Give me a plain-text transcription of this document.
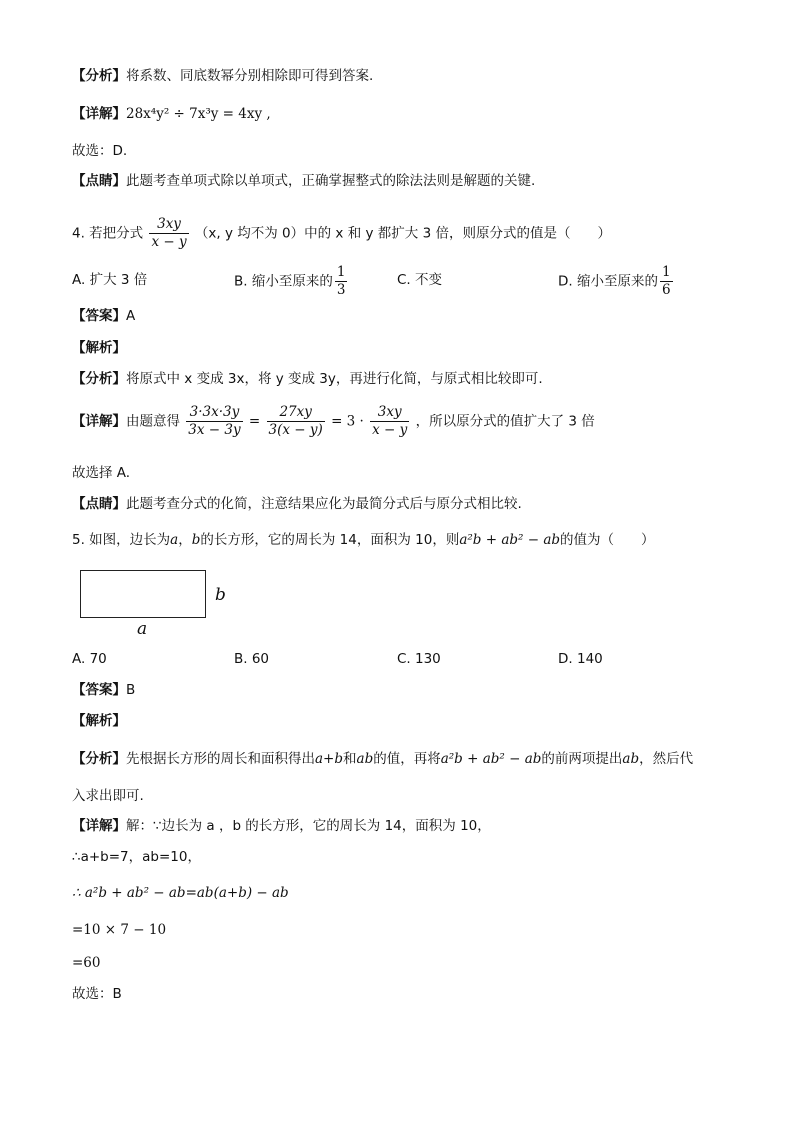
【分析】将系数、同底数幂分别相除即可得到答案.
【详解】28x⁴y² ÷ 7x³y = 4xy ,
故选：D.
【点睛】此题考查单项式除以单项式，正确掌握整式的除法法则是解题的关键.
4. 若把分式 $\frac{3xy}{x - y} (x$, y 均不为 0）中的 x 和 y 都扩大 3 倍，则原分式的值是（　　）
A. 扩大 3 倍	B. 缩小至原来的 $\frac{1}{3}$	C. 不变	D. 缩小至原来的 $\frac{1}{6}$
【答案】A
【解析】
【分析】将原式中 x 变成 3x，将 y 变成 3y，再进行化简，与原式相比较即可.
【详解】由题意得 $\frac{3\cdot 3x\cdot 3y}{3x - 3y} = \frac{27xy}{3(x - y)} = 3 \cdot \frac{3xy}{x - y}$ ，所以原分式的值扩大了 3 倍
故选择 A.
【点睛】此题考查分式的化简，注意结果应化为最简分式后与原分式相比较.
5. 如图，边长为a，b的长方形，它的周长为 14，面积为 10，则a²b + ab² − ab的值为（　　）
b
a
A. 70	B. 60	C. 130	D. 140
【答案】B
【解析】
【分析】先根据长方形的周长和面积得出a+b和ab的值，再将a²b + ab² − ab的前两项提出ab，然后代
入求出即可.
【详解】解：∵边长为 a ，b 的长方形，它的周长为 14，面积为 10，
∴a+b=7，ab=10，
∴ a²b + ab² − ab=ab(a+b) − ab
=10 × 7 − 10
=60
故选：B
